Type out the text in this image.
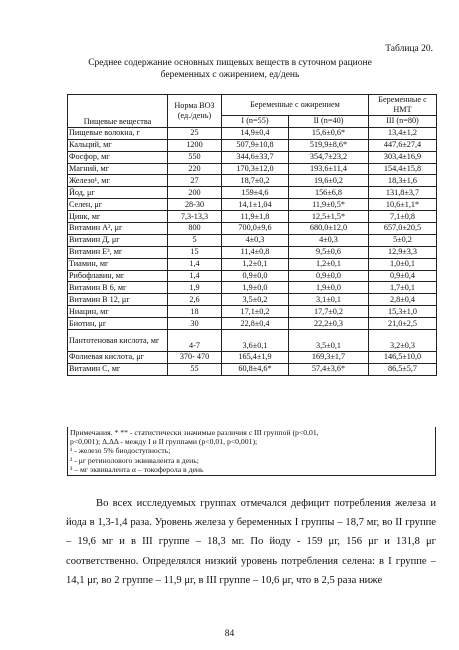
Таблица 20.
Среднее содержание основных пищевых веществ в суточном рационе
беременных с ожирением, ед/день
Пищевые вещества	Норма ВОЗ (ед./день)	Беременные с ожирением		Беременные с НМТ
		I (n=55)	II (n=40)	III (n=80)
Пищевые волокна, г	25	14,9±0,4	15,6±0,6*	13,4±1,2
Кальций, мг	1200	507,9±10,8	519,9±8,6*	447,6±27,4
Фосфор, мг	550	344,6±33,7	354,7±23,2	303,4±16,9
Магний, мг	220	170,3±12,0	193,6±11,4	154,4±15,8
Железо¹, мг	27	18,7±0,2	19,6±0,2	18,3±1,6
Йод, μг	200	159±4,6	156±6,8	131,8±3,7
Селен, μг	28-30	14,1±1,04	11,9±0,5*	10,6±1,1*
Цинк, мг	7,3-13,3	11,9±1,8	12,5±1,5*	7,1±0,8
Витамин А², μг	800	700,0±9,6	680,0±12,0	657,0±20,5
Витамин Д, μг	5	4±0,3	4±0,3	5±0,2
Витамин Е³, мг	15	11,4±0,8	9,5±0,6	12,9±3,3
Тиамин, мг	1,4	1,2±0,1	1,2±0,1	1,0±0,1
Рибофлавин, мг	1,4	0,9±0,0	0,9±0,0	0,9±0,4
Витамин В 6, мг	1,9	1,9±0,0	1,9±0,0	1,7±0,1
Витамин В 12, μг	2,6	3,5±0,2	3,1±0,1	2,8±0,4
Ниацин, мг	18	17,1±0,2	17,7±0,2	15,3±1,0
Биотин, μг	30	22,8±0,4	22,2±0,3	21,0±2,5
Пантотеновая кислота, мг	4-7	3,6±0,1	3,5±0,1	3,2±0,3
Фолиевая кислота, μг	370- 470	165,4±1,9	169,3±1,7	146,5±10,0
Витамин С, мг	55	60,8±4,6*	57,4±3,6*	86,5±5,7
Примечания. * ** - статистически значимые различия с III группой (p<0,01,
p<0,001); Δ,ΔΔ - между I и II группами (p<0,01, p<0,001);
¹ - железо 5% биодоступность;
² - μг ретинолового эквивалента в день;
³ – мг эквивалента α – токоферола в день

Во всех исследуемых группах отмечался дефицит потребления железа и йода в 1,3-1,4 раза. Уровень железа у беременных I группы – 18,7 мг, во II группе – 19,6 мг и в III группе – 18,3 мг. По йоду - 159 μг, 156 μг и 131,8 μг соответственно. Определялся низкий уровень потребления селена: в I группе – 14,1 μг, во 2 группе – 11,9 μг, в III группе – 10,6 μг, что в 2,5 раза ниже

84
